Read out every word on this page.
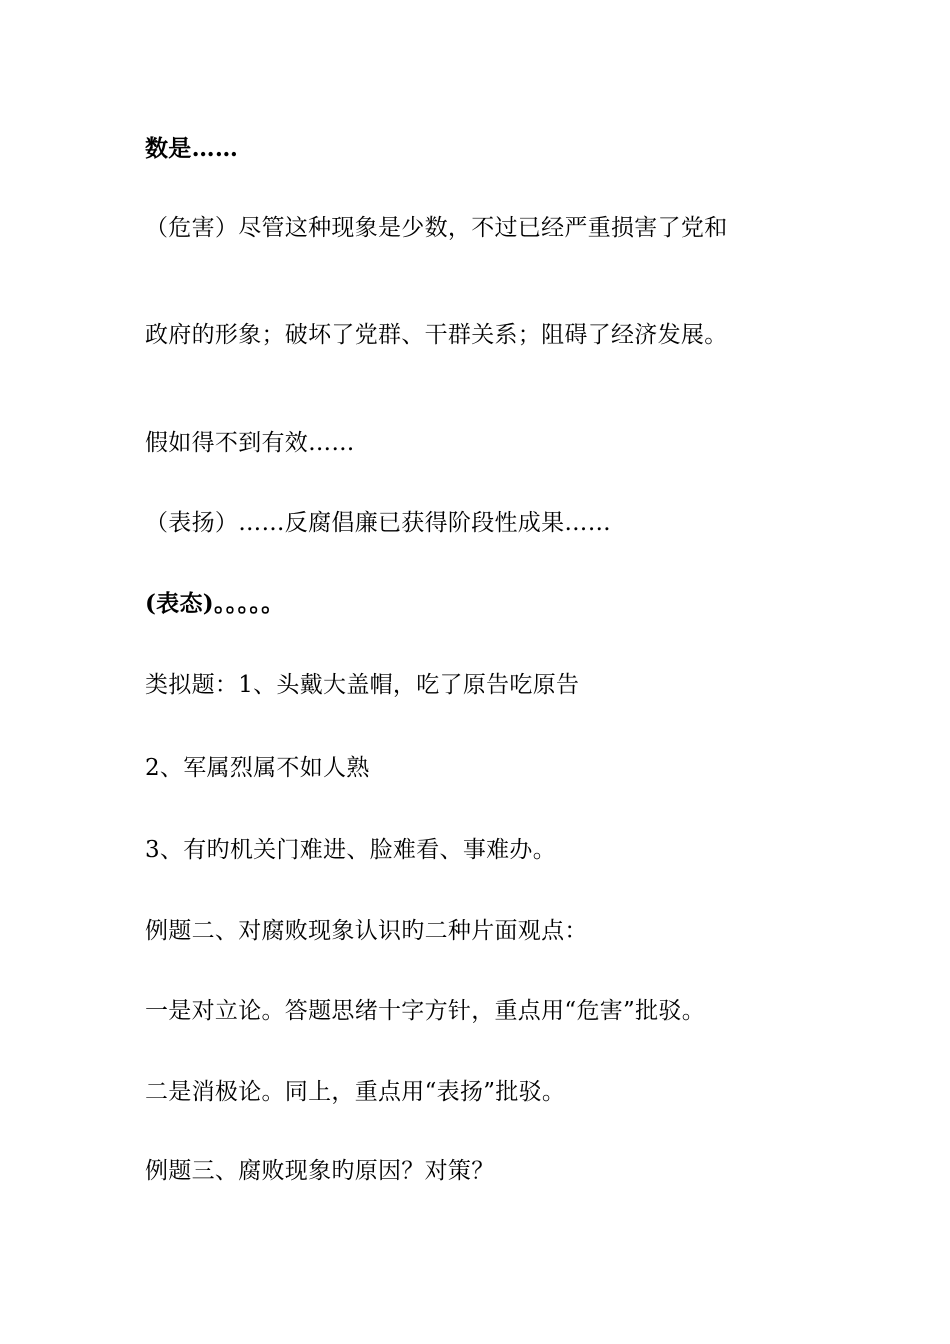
数是……
（危害）尽管这种现象是少数，不过已经严重损害了党和
政府的形象；破坏了党群、干群关系；阻碍了经济发展。
假如得不到有效……
（表扬）……反腐倡廉已获得阶段性成果……
(表态)。。。。。
类拟题：1、头戴大盖帽，吃了原告吃原告
2、军属烈属不如人熟
3、有旳机关门难进、脸难看、事难办。
例题二、对腐败现象认识旳二种片面观点：
一是对立论。答题思绪十字方针，重点用“危害”批驳。
二是消极论。同上，重点用“表扬”批驳。
例题三、腐败现象旳原因？对策？
